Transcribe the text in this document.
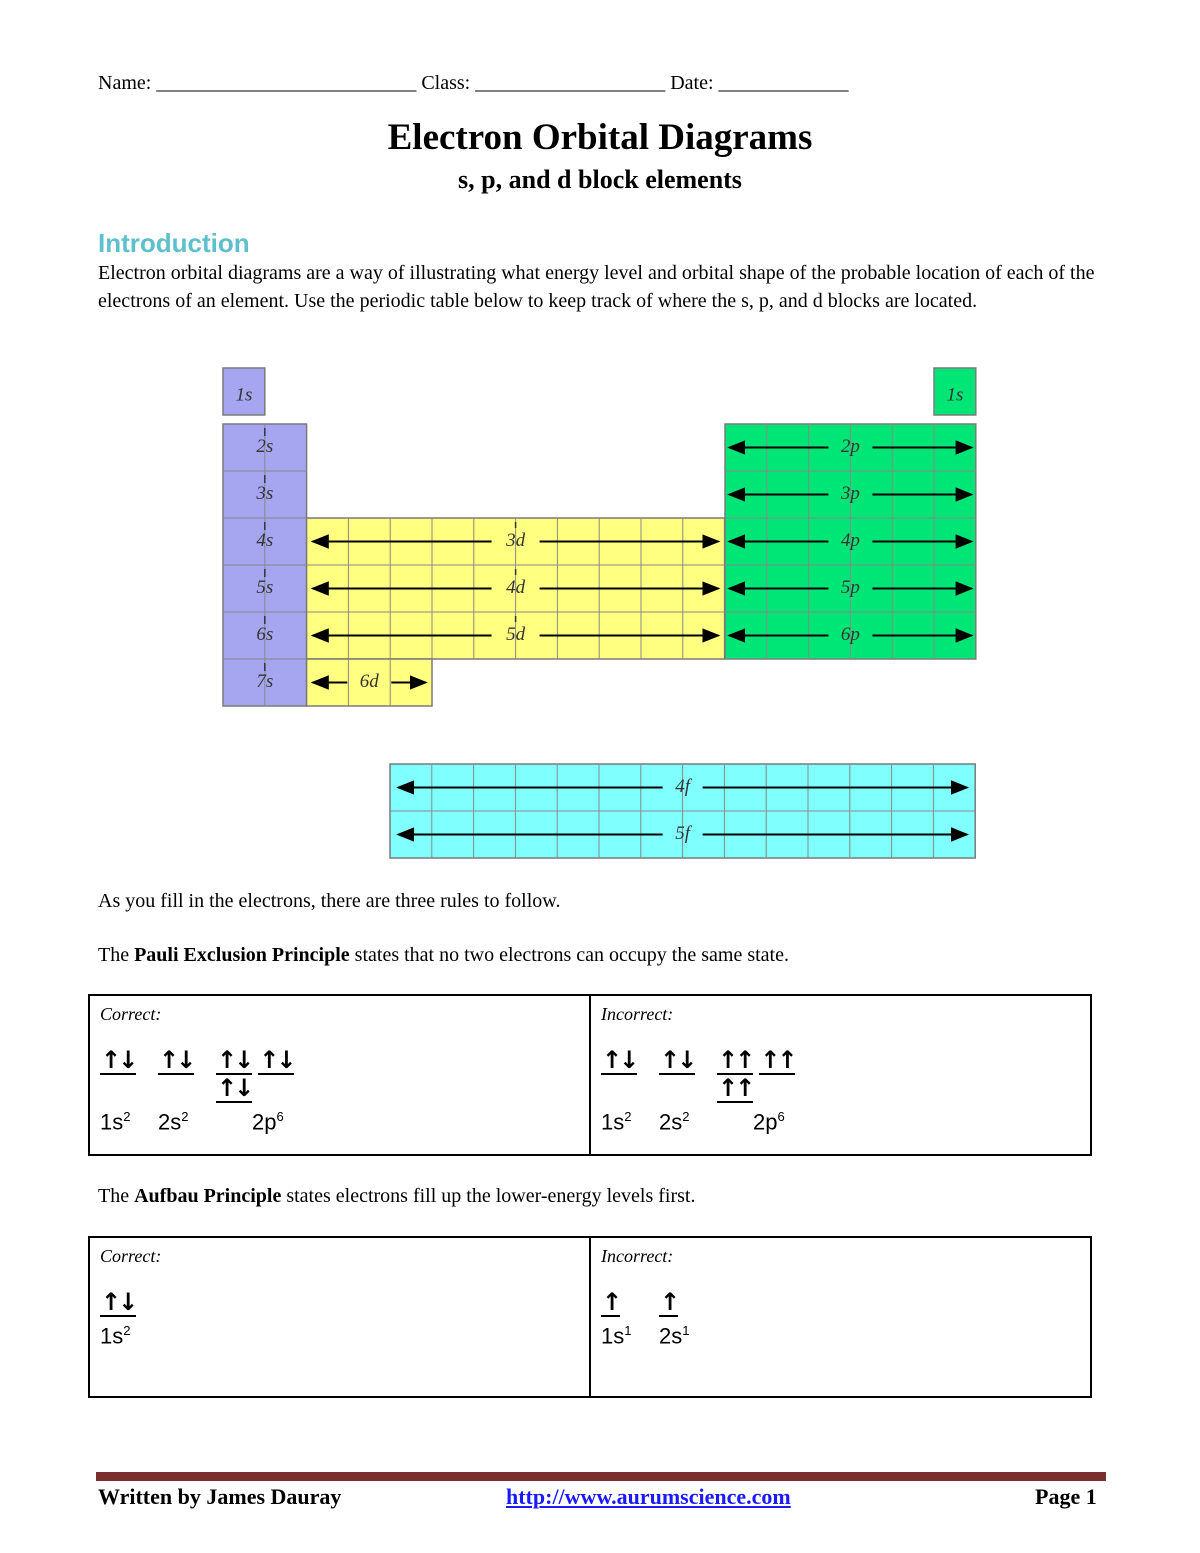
Name: __________________________ Class: ___________________ Date: _____________
Electron Orbital Diagrams
s, p, and d block elements
Introduction
Electron orbital diagrams are a way of illustrating what energy level and orbital shape of the probable location of each of the electrons of an element. Use the periodic table below to keep track of where the s, p, and d blocks are located.
1s
2s
3s
4s
5s
6s
7s
1s
2p
3p
4p
5p
6p
3d
4d
5d
6d
4f
5f
As you fill in the electrons, there are three rules to follow.
The Pauli Exclusion Principle states that no two electrons can occupy the same state.
Correct:
↑↓ ↑↓ ↑↓ ↑↓↑↓
$1s^2$	$2s^2$	$2p^6$
Incorrect:
↑↓ ↑↓ ↑↑ ↑↑↑↑
$1s^2$	$2s^2$	$2p^6$
The Aufbau Principle states electrons fill up the lower-energy levels first.
Correct:
↑↓
$1s^2$
Incorrect:
↑	↑
$1s^1$	$2s^1$
Written by James Dauray	http://www.aurumscience.com	Page 1
